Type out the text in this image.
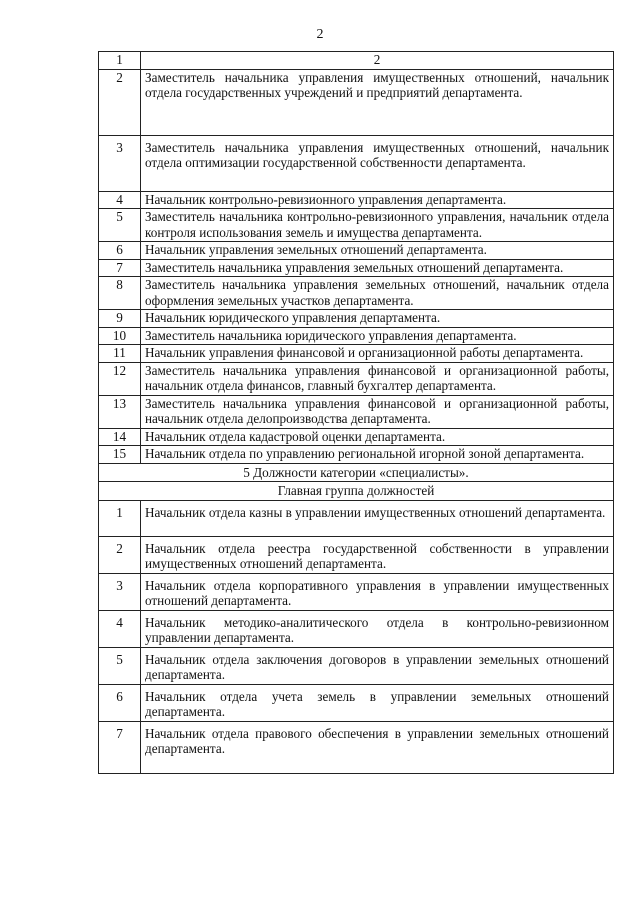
2
1	2
2	Заместитель начальника управления имущественных отношений, начальник отдела государственных учреждений и предприятий департамента.
3	Заместитель начальника управления имущественных отношений, начальник отдела оптимизации государственной собственности департамента.
4	Начальник контрольно-ревизионного управления департамента.
5	Заместитель начальника контрольно-ревизионного управления, начальник отдела контроля использования земель и имущества департамента.
6	Начальник управления земельных отношений департамента.
7	Заместитель начальника управления земельных отношений департамента.
8	Заместитель начальника управления земельных отношений, начальник отдела оформления земельных участков департамента.
9	Начальник юридического управления департамента.
10	Заместитель начальника юридического управления департамента.
11	Начальник управления финансовой и организационной работы департамента.
12	Заместитель начальника управления финансовой и организационной работы, начальник отдела финансов, главный бухгалтер департамента.
13	Заместитель начальника управления финансовой и организационной работы, начальник отдела делопроизводства департамента.
14	Начальник отдела кадастровой оценки департамента.
15	Начальник отдела по управлению региональной игорной зоной департамента.

5 Должности категории «специалисты».
Главная группа должностей	

1	Начальник отдела казны в управлении имущественных отношений департамента.
2	Начальник отдела реестра государственной собственности в управлении имущественных отношений департамента.
3	Начальник отдела корпоративного управления в управлении имущественных отношений департамента.
4	Начальник методико-аналитического отдела в контрольно-ревизионном управлении департамента.
5	Начальник отдела заключения договоров в управлении земельных отношений департамента.
6	Начальник отдела учета земель в управлении земельных отношений департамента.
7	Начальник отдела правового обеспечения в управлении земельных отношений департамента.
